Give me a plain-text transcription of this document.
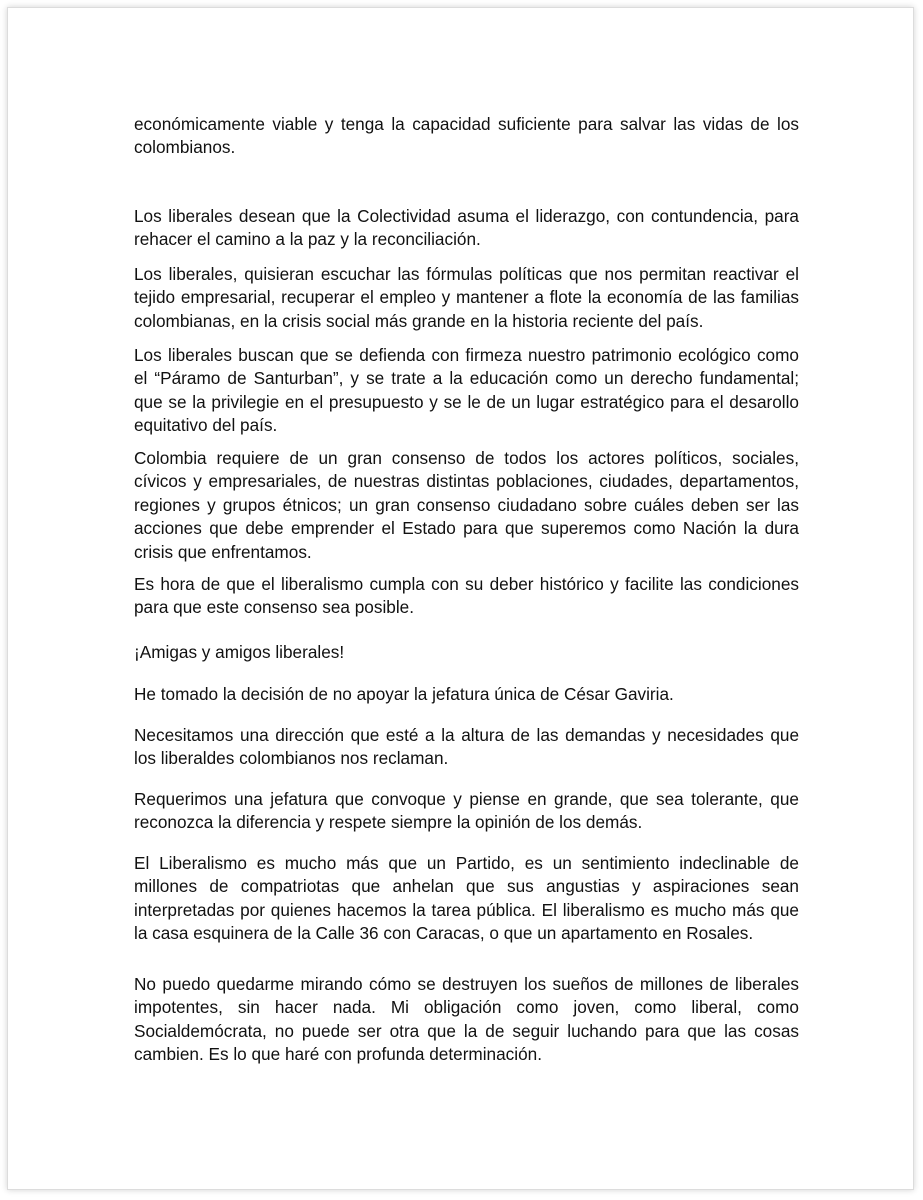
económicamente viable y tenga la capacidad suficiente para salvar las vidas de los colombianos.

Los liberales desean que la Colectividad asuma el liderazgo, con contundencia, para rehacer el camino a la paz y la reconciliación.

Los liberales, quisieran escuchar las fórmulas políticas que nos permitan reactivar el tejido empresarial, recuperar el empleo y mantener a flote la economía de las familias colombianas, en la crisis social más grande en la historia reciente del país.

Los liberales buscan que se defienda con firmeza nuestro patrimonio ecológico como el “Páramo de Santurban”, y se trate a la educación como un derecho fundamental; que se la privilegie en el presupuesto y se le de un lugar estratégico para el desarollo equitativo del país.

Colombia requiere de un gran consenso de todos los actores políticos, sociales, cívicos y empresariales, de nuestras distintas poblaciones, ciudades, departamentos, regiones y grupos étnicos; un gran consenso ciudadano sobre cuáles deben ser las acciones que debe emprender el Estado para que superemos como Nación la dura crisis que enfrentamos.

Es hora de que el liberalismo cumpla con su deber histórico y facilite las condiciones para que este consenso sea posible.

¡Amigas y amigos liberales!

He tomado la decisión de no apoyar la jefatura única de César Gaviria.

Necesitamos una dirección que esté a la altura de las demandas y necesidades que los liberaldes colombianos nos reclaman.

Requerimos una jefatura que convoque y piense en grande, que sea tolerante, que reconozca la diferencia y respete siempre la opinión de los demás.

El Liberalismo es mucho más que un Partido, es un sentimiento indeclinable de millones de compatriotas que anhelan que sus angustias y aspiraciones sean interpretadas por quienes hacemos la tarea pública. El liberalismo es mucho más que la casa esquinera de la Calle 36 con Caracas, o que un apartamento en Rosales.

No puedo quedarme mirando cómo se destruyen los sueños de millones de liberales impotentes, sin hacer nada. Mi obligación como joven, como liberal, como Socialdemócrata, no puede ser otra que la de seguir luchando para que las cosas cambien. Es lo que haré con profunda determinación.
